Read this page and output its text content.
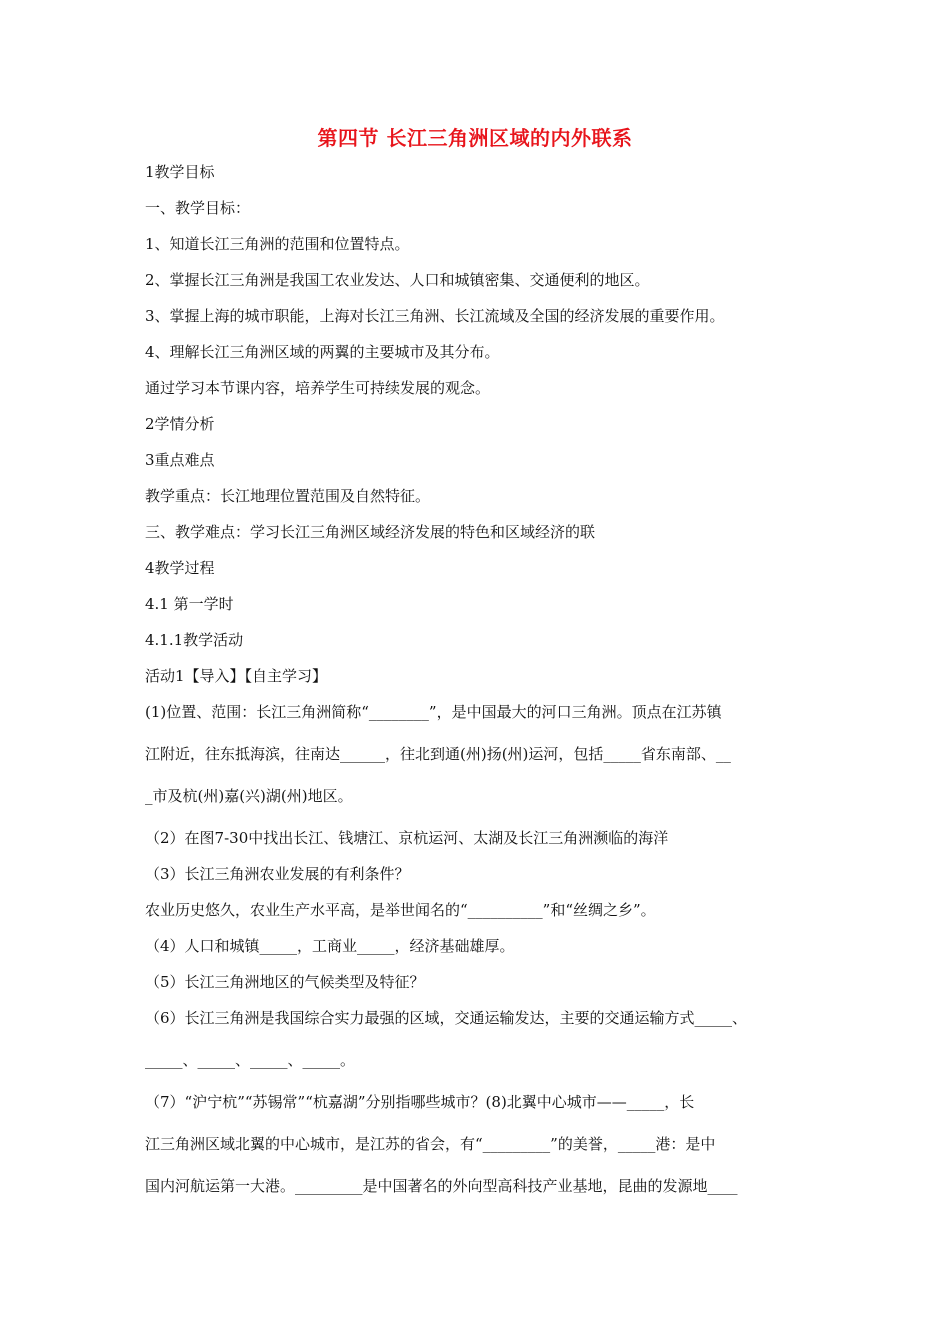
第四节 长江三角洲区域的内外联系
1教学目标
一、教学目标：
1、知道长江三角洲的范围和位置特点。
2、掌握长江三角洲是我国工农业发达、人口和城镇密集、交通便利的地区。
3、掌握上海的城市职能，上海对长江三角洲、长江流域及全国的经济发展的重要作用。
4、理解长江三角洲区域的两翼的主要城市及其分布。
通过学习本节课内容，培养学生可持续发展的观念。
2学情分析
3重点难点
教学重点：长江地理位置范围及自然特征。
三、教学难点：学习长江三角洲区域经济发展的特色和区域经济的联
4教学过程
4.1 第一学时
4.1.1教学活动
活动1【导入】【自主学习】
(1)位置、范围：长江三角洲简称“________”，是中国最大的河口三角洲。顶点在江苏镇
江附近，往东抵海滨，往南达______，往北到通(州)扬(州)运河，包括_____省东南部、__
_市及杭(州)嘉(兴)湖(州)地区。
（2）在图7-30中找出长江、钱塘江、京杭运河、太湖及长江三角洲濒临的海洋
（3）长江三角洲农业发展的有利条件？
农业历史悠久，农业生产水平高，是举世闻名的“__________”和“丝绸之乡”。
（4）人口和城镇_____，工商业_____，经济基础雄厚。
（5）长江三角洲地区的气候类型及特征？
（6）长江三角洲是我国综合实力最强的区域，交通运输发达，主要的交通运输方式_____、
_____、_____、_____、_____。
（7）“沪宁杭”“苏锡常”“杭嘉湖”分别指哪些城市？(8)北翼中心城市——_____，长
江三角洲区域北翼的中心城市，是江苏的省会，有“_________”的美誉，_____港：是中
国内河航运第一大港。_________是中国著名的外向型高科技产业基地，昆曲的发源地____
